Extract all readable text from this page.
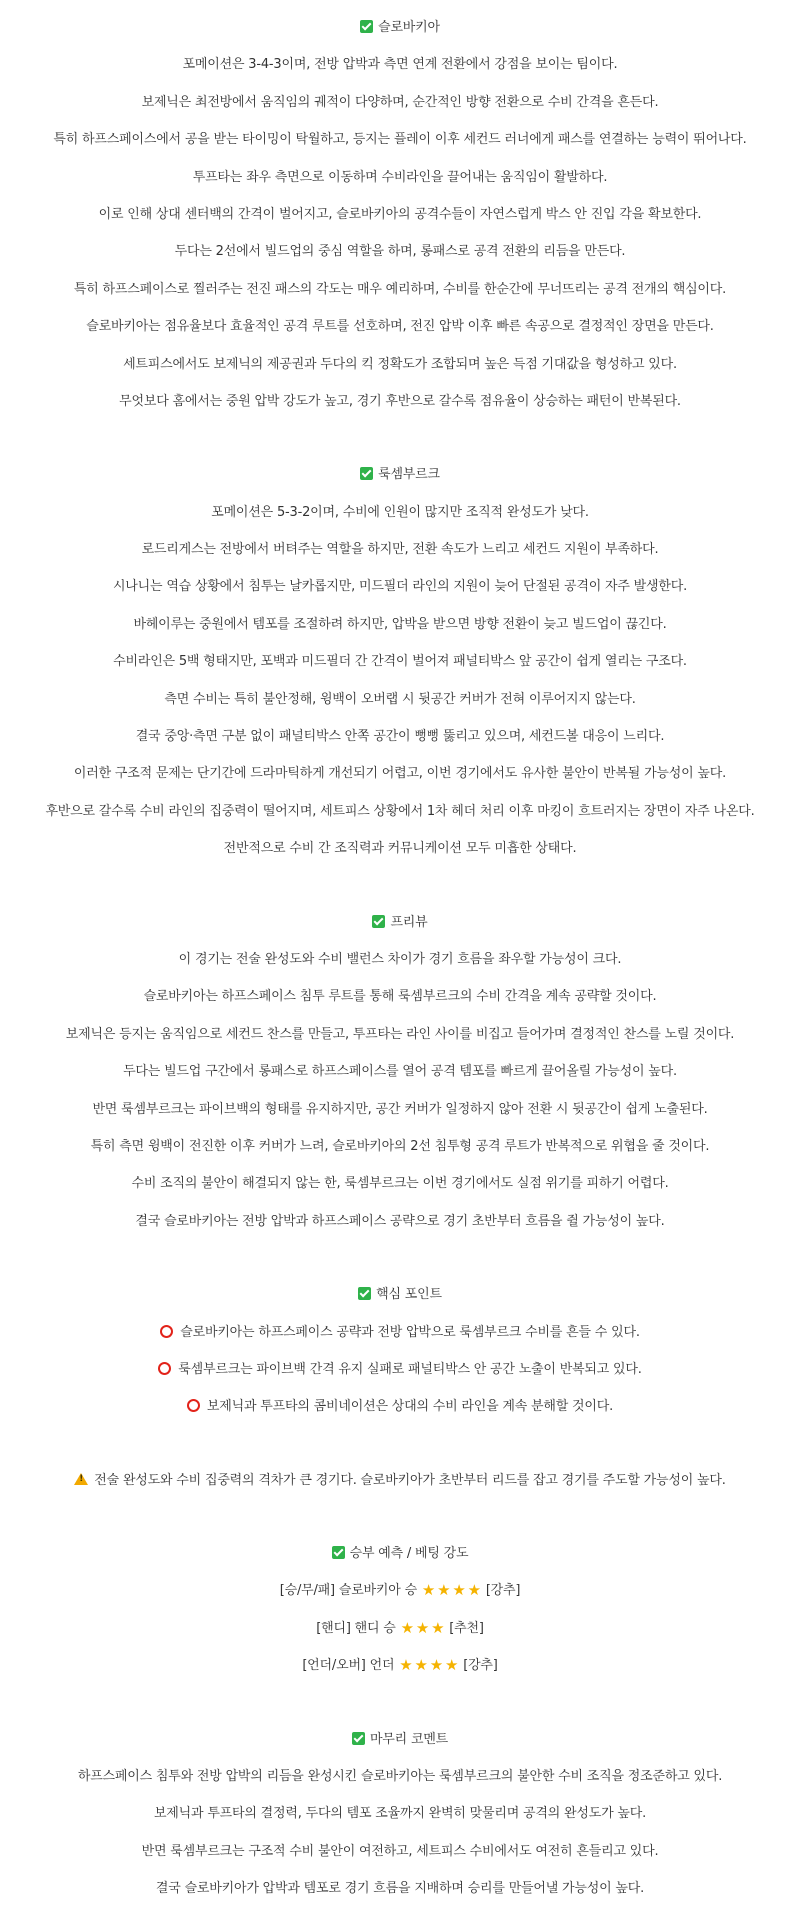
슬로바키아
포메이션은 3-4-3이며, 전방 압박과 측면 연계 전환에서 강점을 보이는 팀이다.
보제닉은 최전방에서 움직임의 궤적이 다양하며, 순간적인 방향 전환으로 수비 간격을 흔든다.
특히 하프스페이스에서 공을 받는 타이밍이 탁월하고, 등지는 플레이 이후 세컨드 러너에게 패스를 연결하는 능력이 뛰어나다.
투프타는 좌우 측면으로 이동하며 수비라인을 끌어내는 움직임이 활발하다.
이로 인해 상대 센터백의 간격이 벌어지고, 슬로바키아의 공격수들이 자연스럽게 박스 안 진입 각을 확보한다.
두다는 2선에서 빌드업의 중심 역할을 하며, 롱패스로 공격 전환의 리듬을 만든다.
특히 하프스페이스로 찔러주는 전진 패스의 각도는 매우 예리하며, 수비를 한순간에 무너뜨리는 공격 전개의 핵심이다.
슬로바키아는 점유율보다 효율적인 공격 루트를 선호하며, 전진 압박 이후 빠른 속공으로 결정적인 장면을 만든다.
세트피스에서도 보제닉의 제공권과 두다의 킥 정확도가 조합되며 높은 득점 기대값을 형성하고 있다.
무엇보다 홈에서는 중원 압박 강도가 높고, 경기 후반으로 갈수록 점유율이 상승하는 패턴이 반복된다.
룩셈부르크
포메이션은 5-3-2이며, 수비에 인원이 많지만 조직적 완성도가 낮다.
로드리게스는 전방에서 버텨주는 역할을 하지만, 전환 속도가 느리고 세컨드 지원이 부족하다.
시나니는 역습 상황에서 침투는 날카롭지만, 미드필더 라인의 지원이 늦어 단절된 공격이 자주 발생한다.
바헤이루는 중원에서 템포를 조절하려 하지만, 압박을 받으면 방향 전환이 늦고 빌드업이 끊긴다.
수비라인은 5백 형태지만, 포백과 미드필더 간 간격이 벌어져 패널티박스 앞 공간이 쉽게 열리는 구조다.
측면 수비는 특히 불안정해, 윙백이 오버랩 시 뒷공간 커버가 전혀 이루어지지 않는다.
결국 중앙·측면 구분 없이 패널티박스 안쪽 공간이 뻥뻥 뚫리고 있으며, 세컨드볼 대응이 느리다.
이러한 구조적 문제는 단기간에 드라마틱하게 개선되기 어렵고, 이번 경기에서도 유사한 불안이 반복될 가능성이 높다.
후반으로 갈수록 수비 라인의 집중력이 떨어지며, 세트피스 상황에서 1차 헤더 처리 이후 마킹이 흐트러지는 장면이 자주 나온다.
전반적으로 수비 간 조직력과 커뮤니케이션 모두 미흡한 상태다.
프리뷰
이 경기는 전술 완성도와 수비 밸런스 차이가 경기 흐름을 좌우할 가능성이 크다.
슬로바키아는 하프스페이스 침투 루트를 통해 룩셈부르크의 수비 간격을 계속 공략할 것이다.
보제닉은 등지는 움직임으로 세컨드 찬스를 만들고, 투프타는 라인 사이를 비집고 들어가며 결정적인 찬스를 노릴 것이다.
두다는 빌드업 구간에서 롱패스로 하프스페이스를 열어 공격 템포를 빠르게 끌어올릴 가능성이 높다.
반면 룩셈부르크는 파이브백의 형태를 유지하지만, 공간 커버가 일정하지 않아 전환 시 뒷공간이 쉽게 노출된다.
특히 측면 윙백이 전진한 이후 커버가 느려, 슬로바키아의 2선 침투형 공격 루트가 반복적으로 위협을 줄 것이다.
수비 조직의 불안이 해결되지 않는 한, 룩셈부르크는 이번 경기에서도 실점 위기를 피하기 어렵다.
결국 슬로바키아는 전방 압박과 하프스페이스 공략으로 경기 초반부터 흐름을 쥘 가능성이 높다.
핵심 포인트
슬로바키아는 하프스페이스 공략과 전방 압박으로 룩셈부르크 수비를 흔들 수 있다.
룩셈부르크는 파이브백 간격 유지 실패로 패널티박스 안 공간 노출이 반복되고 있다.
보제닉과 투프타의 콤비네이션은 상대의 수비 라인을 계속 분해할 것이다.
!전술 완성도와 수비 집중력의 격차가 큰 경기다. 슬로바키아가 초반부터 리드를 잡고 경기를 주도할 가능성이 높다.
승부 예측 / 베팅 강도
[승/무/패] 슬로바키아 승 ★ ★ ★ ★ [강추]
[핸디] 핸디 승 ★ ★ ★ [추천]
[언더/오버] 언더 ★ ★ ★ ★ [강추]
마무리 코멘트
하프스페이스 침투와 전방 압박의 리듬을 완성시킨 슬로바키아는 룩셈부르크의 불안한 수비 조직을 정조준하고 있다.
보제닉과 투프타의 결정력, 두다의 템포 조율까지 완벽히 맞물리며 공격의 완성도가 높다.
반면 룩셈부르크는 구조적 수비 불안이 여전하고, 세트피스 수비에서도 여전히 흔들리고 있다.
결국 슬로바키아가 압박과 템포로 경기 흐름을 지배하며 승리를 만들어낼 가능성이 높다.
